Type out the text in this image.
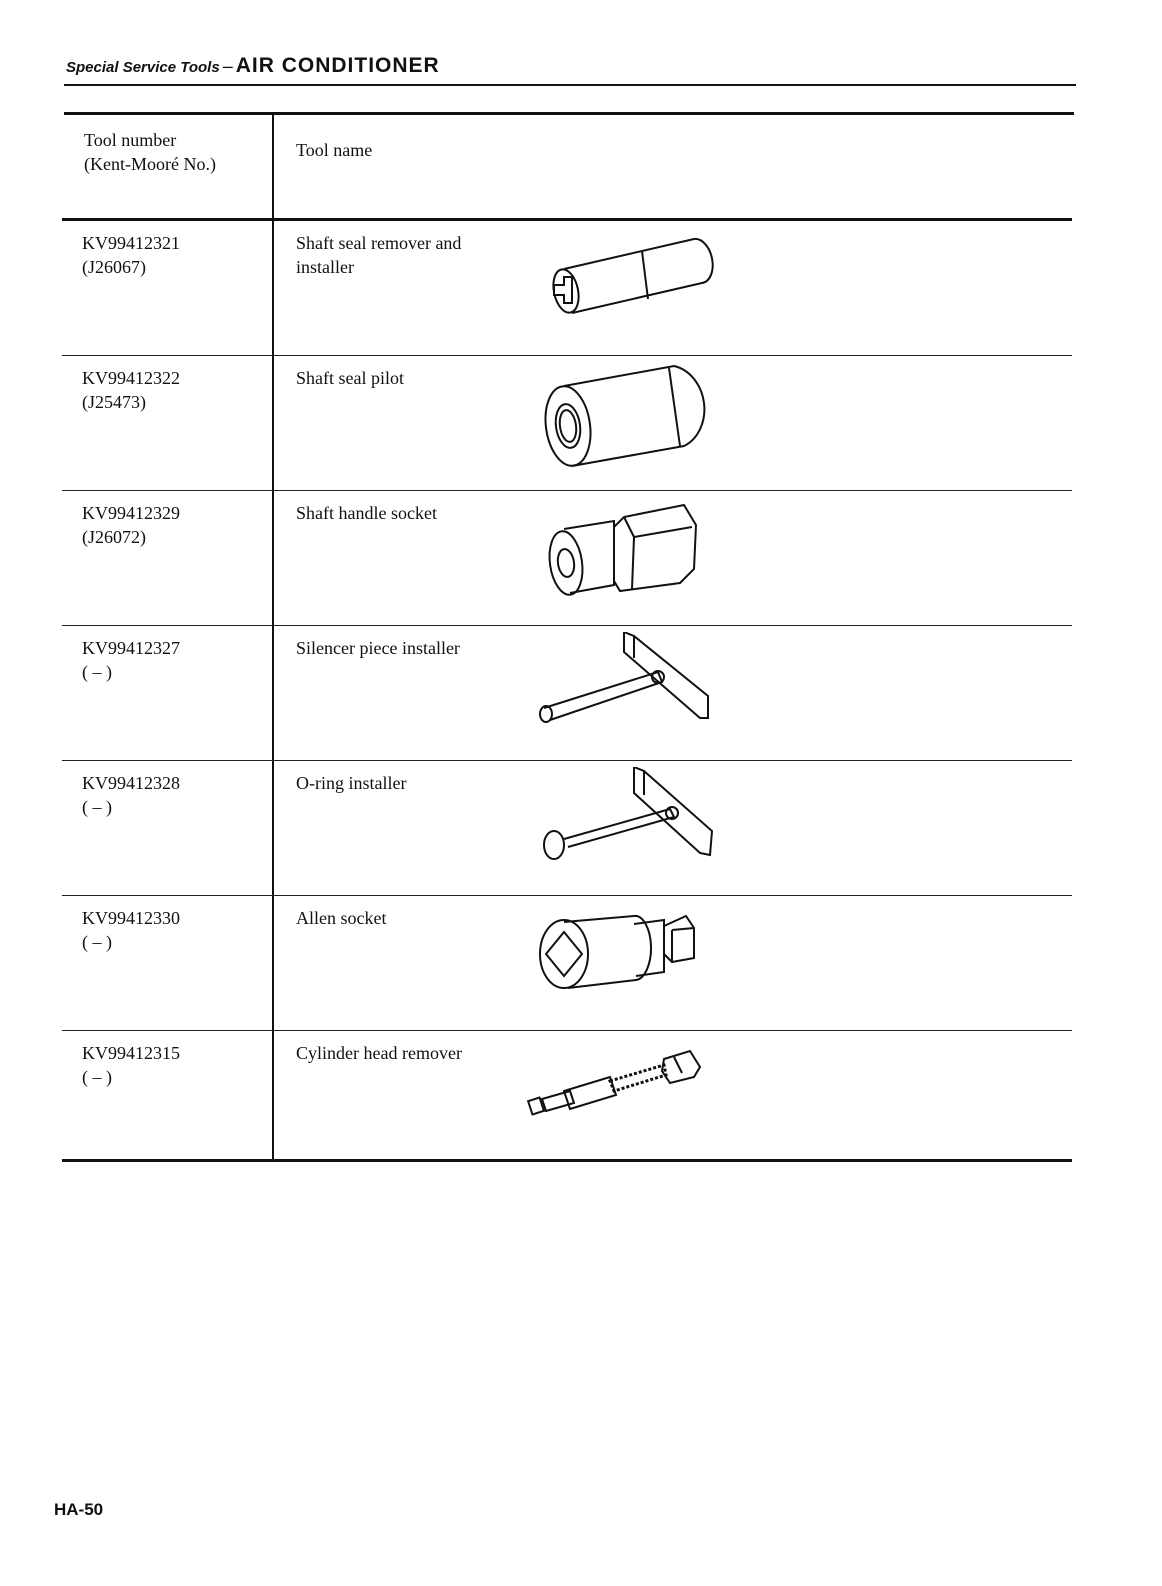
Special Service Tools – AIR CONDITIONER
Tool number
(Kent-Mooré No.)	Tool name

KV99412321
(J26067)	Shaft seal remover and installer

KV99412322
(J25473)	Shaft seal pilot

KV99412329
(J26072)	Shaft handle socket

KV99412327
( – )	Silencer piece installer

KV99412328
( – )	O-ring installer

KV99412330
( – )	Allen socket

KV99412315
( – )	Cylinder head remover
HA-50
